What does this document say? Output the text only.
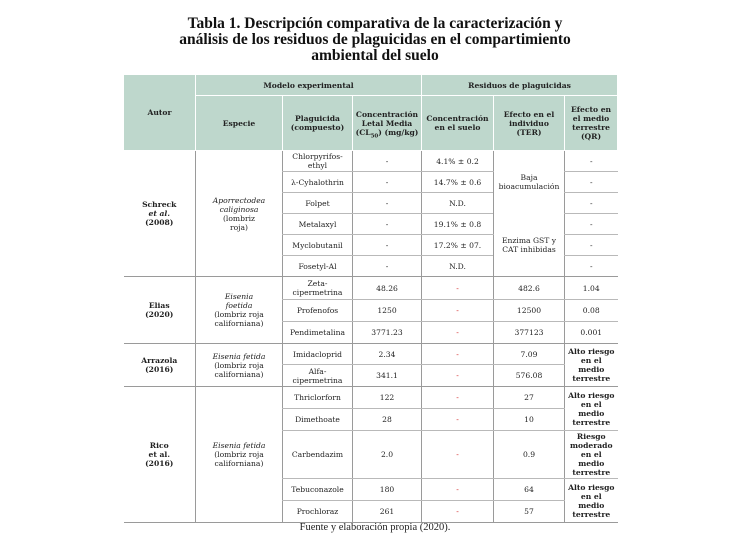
Tabla 1. Descripción comparativa de la caracterización y
análisis de los residuos de plaguicidas en el compartimiento
ambiental del suelo
Autor	Modelo experimental			Residuos de plaguicidas		
	Especie	Plaguicida (compuesto)	Concentración
Letal Media
$(CL_{50})$ (mg/kg)	Concentración en el suelo	Efecto en el individuo (TER)	Efecto en el medio terrestre (QR)
Schreck
et al.
(2008)	Aporrectodea
caliginosa
(lombriz
roja)	Chlorpyrifos-ethyl	-	4.1% ± 0.2	Baja bioacumulación	-
		λ-Cyhalothrin	-	14.7% ± 0.6		-
		Folpet	-	N.D.		-
		Metalaxyl	-	19.1% ± 0.8	Enzima GST y CAT inhibidas	-
		Myclobutanil	-	17.2% ± 07.		-
		Fosetyl-Al	-	N.D.		-
Elias
(2020)	Eisenia
foetida
(lombriz roja californiana)	Zeta-cipermetrina	48.26	-	482.6	1.04
		Profenofos	1250	-	12500	0.08
		Pendimetalina	3771.23	-	377123	0.001
Arrazola
(2016)	Eisenia fetida
(lombriz roja californiana)	Imidacloprid	2.34	-	7.09	Alto riesgo en el medio terrestre
		Alfa-cipermetrina	341.1	-	576.08	
Rico
et al.
(2016)	Eisenia fetida
(lombriz roja californiana)	Thriclorforn	122	-	27	Alto riesgo en el medio terrestre
		Dimethoate	28	-	10	
		Carbendazim	2.0	-	0.9	Riesgo moderado en el medio terrestre
		Tebuconazole	180	-	64	Alto riesgo en el medio terrestre
		Prochloraz	261	-	57	
Fuente y elaboración propia (2020).
